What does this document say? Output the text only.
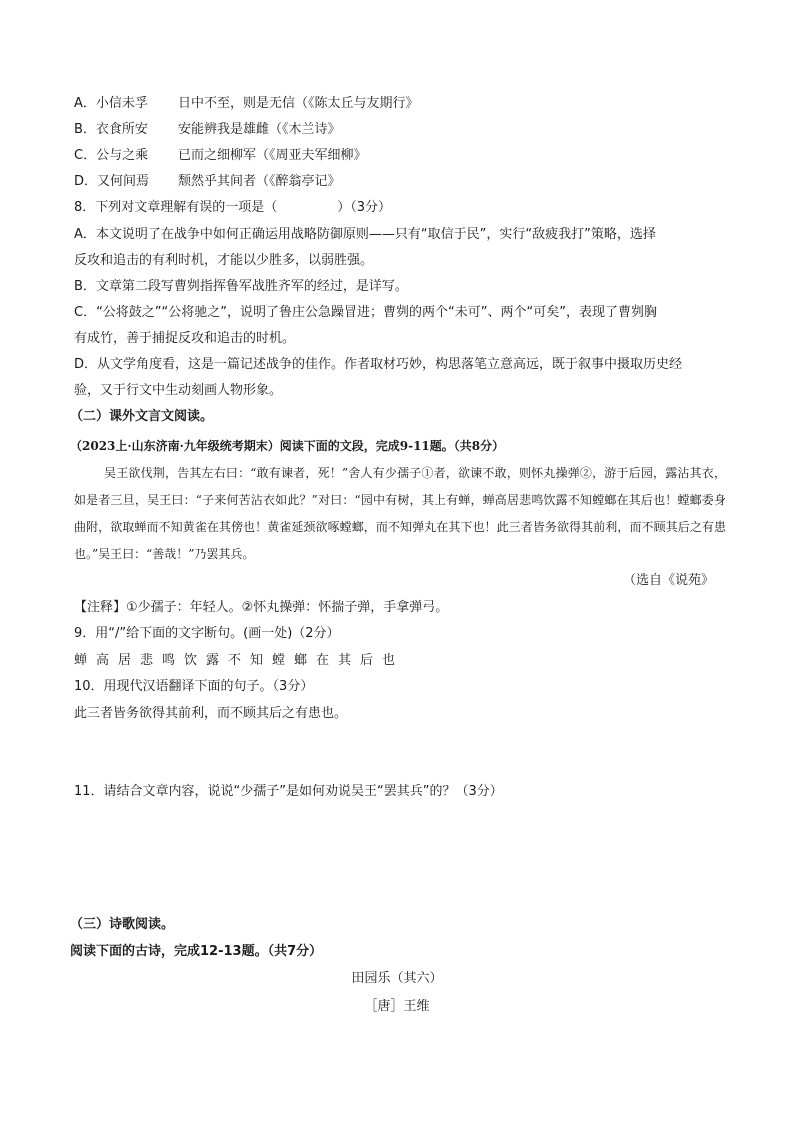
A．小信未孚 日中不至，则是无信（《陈太丘与友期行》
B．衣食所安 安能辨我是雄雌（《木兰诗》
C．公与之乘 已而之细柳军（《周亚夫军细柳》
D．又何间焉 颓然乎其间者（《醉翁亭记》
8．下列对文章理解有误的一项是（	）（3分）
A．本文说明了在战争中如何正确运用战略防御原则——只有“取信于民”，实行“敌疲我打”策略，选择
反攻和追击的有利时机，才能以少胜多，以弱胜强。
B．文章第二段写曹刿指挥鲁军战胜齐军的经过，是详写。
C．“公将鼓之”“公将驰之”，说明了鲁庄公急躁冒进；曹刿的两个“未可”、两个“可矣”，表现了曹刿胸
有成竹，善于捕捉反攻和追击的时机。
D．从文学角度看，这是一篇记述战争的佳作。作者取材巧妙，构思落笔立意高远，既于叙事中摄取历史经
验，又于行文中生动刻画人物形象。
（二）课外文言文阅读。
（2023上·山东济南·九年级统考期末）阅读下面的文段，完成9-11题。（共8分）

吴王欲伐荆，告其左右曰：“敢有谏者，死！”舍人有少孺子①者，欲谏不敢，则怀丸操弹②，游于后园，露沾其衣，如是者三旦，吴王曰：“子来何苦沾衣如此？”对曰：“园中有树，其上有蝉，蝉高居悲鸣饮露不知螳螂在其后也！螳螂委身曲附，欲取蝉而不知黄雀在其傍也！黄雀延颈欲啄螳螂，而不知弹丸在其下也！此三者皆务欲得其前利，而不顾其后之有患也。”吴王曰：“善哉！”乃罢其兵。

（选自《说苑》
【注释】①少孺子：年轻人。②怀丸操弹：怀揣子弹，手拿弹弓。
9．用“/”给下面的文字断句。(画一处)（2分）
蝉高居悲鸣饮露不知螳螂在其后也
10．用现代汉语翻译下面的句子。（3分）
此三者皆务欲得其前利，而不顾其后之有患也。
11．请结合文章内容，说说“少孺子”是如何劝说吴王“罢其兵”的？（3分）
（三）诗歌阅读。
阅读下面的古诗，完成12-13题。（共7分）
田园乐（其六）
［唐］王维
